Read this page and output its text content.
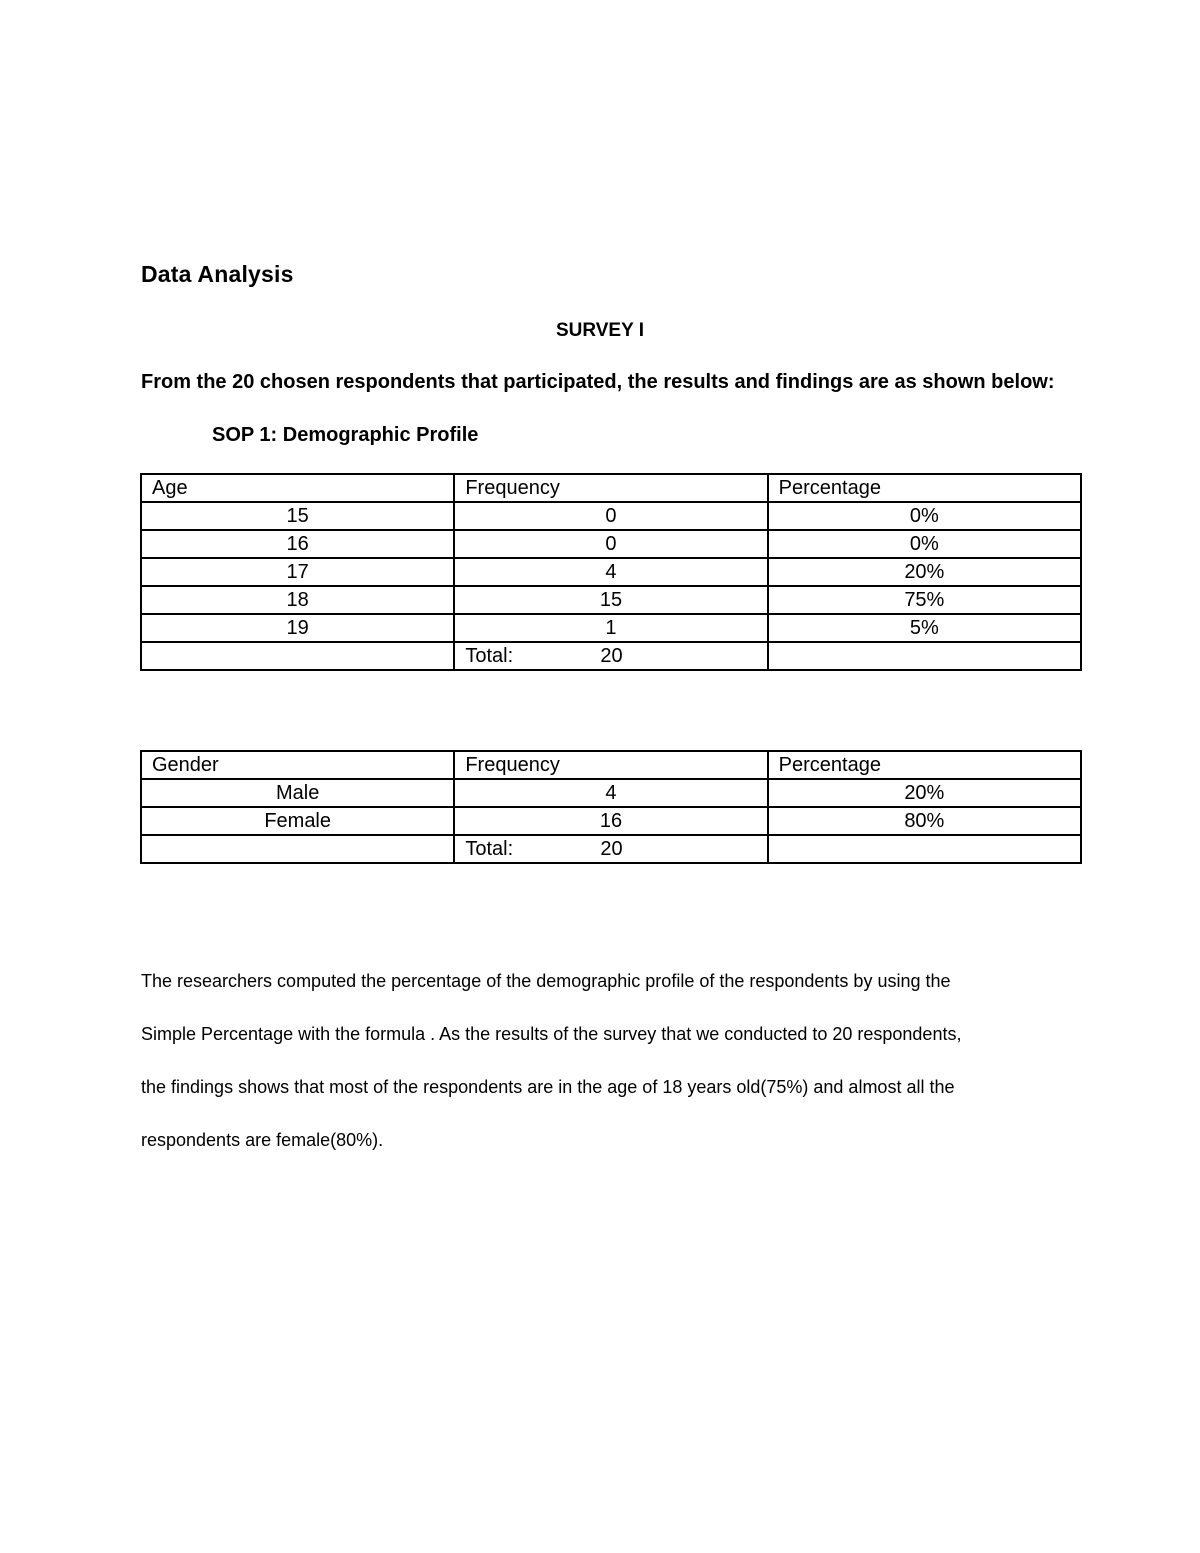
Data Analysis
SURVEY I
From the 20 chosen respondents that participated, the results and findings are as shown below:
SOP 1: Demographic Profile
Age	Frequency	Percentage
15	0	0%
16	0	0%
17	4	20%
18	15	75%
19	1	5%
	Total: 20	

Gender	Frequency	Percentage
Male	4	20%
Female	16	80%
	Total: 20	

The researchers computed the percentage of the demographic profile of the respondents by using the

Simple Percentage with the formula . As the results of the survey that we conducted to 20 respondents,

the findings shows that most of the respondents are in the age of 18 years old(75%) and almost all the

respondents are female(80%).
